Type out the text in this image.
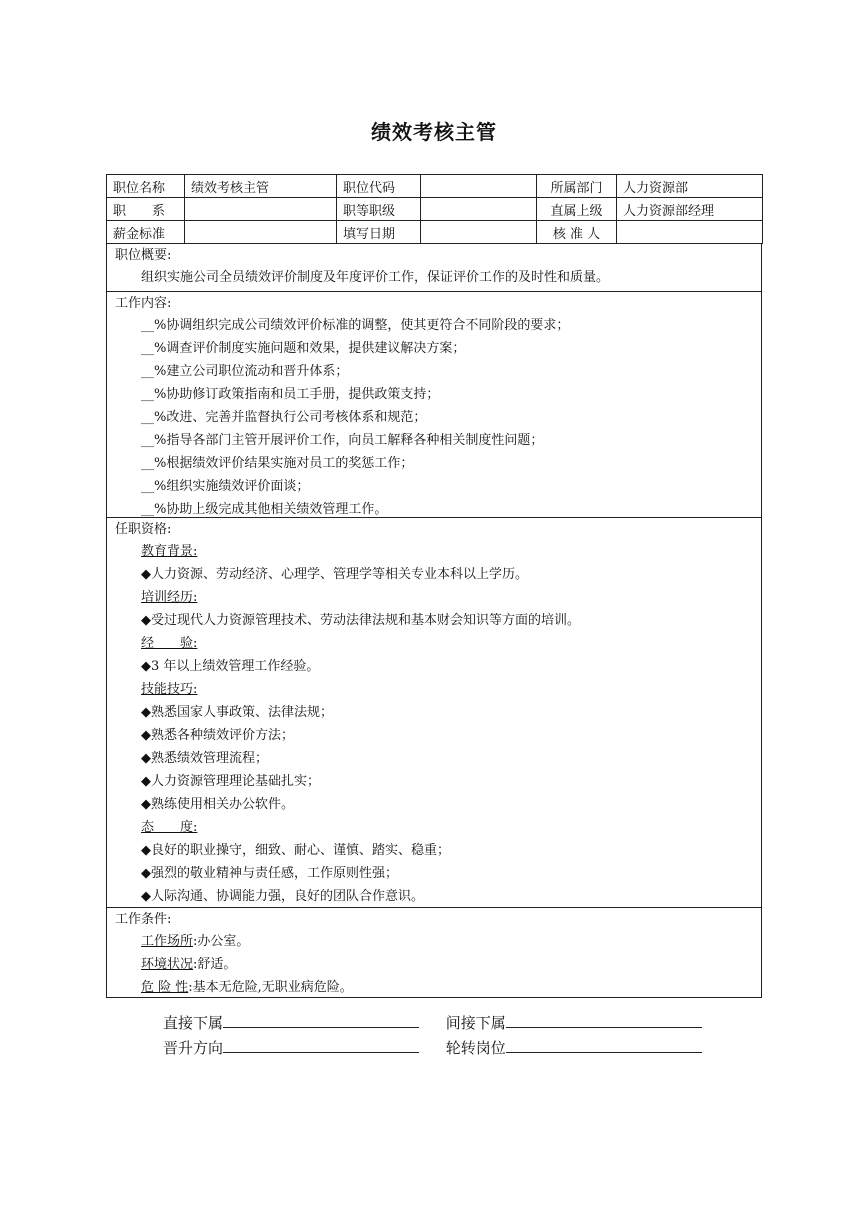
绩效考核主管
职位名称	绩效考核主管	职位代码		所属部门	人力资源部
职　　系		职等职级		直属上级	人力资源部经理
薪金标准		填写日期		核 准 人	
职位概要:
组织实施公司全员绩效评价制度及年度评价工作，保证评价工作的及时性和质量。
工作内容:
__%协调组织完成公司绩效评价标准的调整，使其更符合不同阶段的要求；
__%调查评价制度实施问题和效果，提供建议解决方案；
__%建立公司职位流动和晋升体系；
__%协助修订政策指南和员工手册，提供政策支持；
__%改进、完善并监督执行公司考核体系和规范；
__%指导各部门主管开展评价工作，向员工解释各种相关制度性问题；
__%根据绩效评价结果实施对员工的奖惩工作；
__%组织实施绩效评价面谈；
__%协助上级完成其他相关绩效管理工作。
任职资格:
教育背景:
◆人力资源、劳动经济、心理学、管理学等相关专业本科以上学历。
培训经历:
◆受过现代人力资源管理技术、劳动法律法规和基本财会知识等方面的培训。
经　　验:
◆3 年以上绩效管理工作经验。
技能技巧:
◆熟悉国家人事政策、法律法规；
◆熟悉各种绩效评价方法；
◆熟悉绩效管理流程；
◆人力资源管理理论基础扎实；
◆熟练使用相关办公软件。
态　　度:
◆良好的职业操守，细致、耐心、谨慎、踏实、稳重；
◆强烈的敬业精神与责任感，工作原则性强；
◆人际沟通、协调能力强，良好的团队合作意识。
工作条件:
工作场所:办公室。
环境状况:舒适。
危 险 性:基本无危险,无职业病危险。
直接下属	间接下属
晋升方向	轮转岗位
